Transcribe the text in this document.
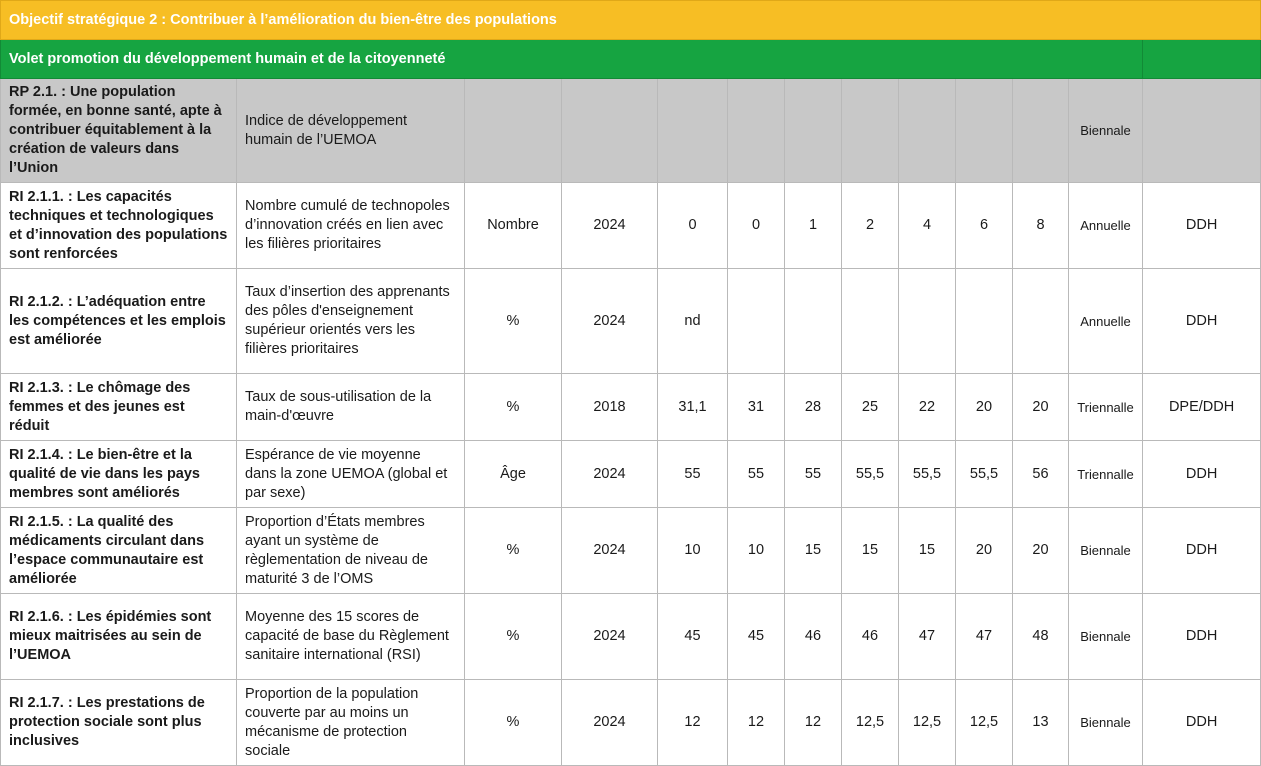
Objectif stratégique 2 : Contribuer à l’amélioration du bien-être des populations												
Volet promotion du développement humain et de la citoyenneté												
RP 2.1. : Une population formée, en bonne santé, apte à contribuer équitablement à la création de valeurs dans l’Union	Indice de développement humain de l’UEMOA										Biennale	
RI 2.1.1. : Les capacités techniques et technologiques et d’innovation des populations sont renforcées	Nombre cumulé de technopoles d’innovation créés en lien avec les filières prioritaires	Nombre	2024	0	0	1	2	4	6	8	Annuelle	DDH
RI 2.1.2. : L’adéquation entre les compétences et les emplois est améliorée	Taux d’insertion des apprenants des pôles d'enseignement supérieur orientés vers les filières prioritaires	%	2024	nd							Annuelle	DDH
RI 2.1.3. : Le chômage des femmes et des jeunes est réduit	Taux de sous-utilisation de la main-d'œuvre	%	2018	31,1	31	28	25	22	20	20	Triennalle	DPE/DDH
RI 2.1.4. : Le bien-être et la qualité de vie dans les pays membres sont améliorés	Espérance de vie moyenne dans la zone UEMOA (global et par sexe)	Âge	2024	55	55	55	55,5	55,5	55,5	56	Triennalle	DDH
RI 2.1.5. : La qualité des médicaments circulant dans l’espace communautaire est améliorée	Proportion d’États membres ayant un système de règlementation de niveau de maturité 3 de l’OMS	%	2024	10	10	15	15	15	20	20	Biennale	DDH
RI 2.1.6. : Les épidémies sont mieux maitrisées au sein de l’UEMOA	Moyenne des 15 scores de capacité de base du Règlement sanitaire international (RSI)	%	2024	45	45	46	46	47	47	48	Biennale	DDH
RI 2.1.7. : Les prestations de protection sociale sont plus inclusives	Proportion de la population couverte par au moins un mécanisme de protection sociale	%	2024	12	12	12	12,5	12,5	12,5	13	Biennale	DDH
